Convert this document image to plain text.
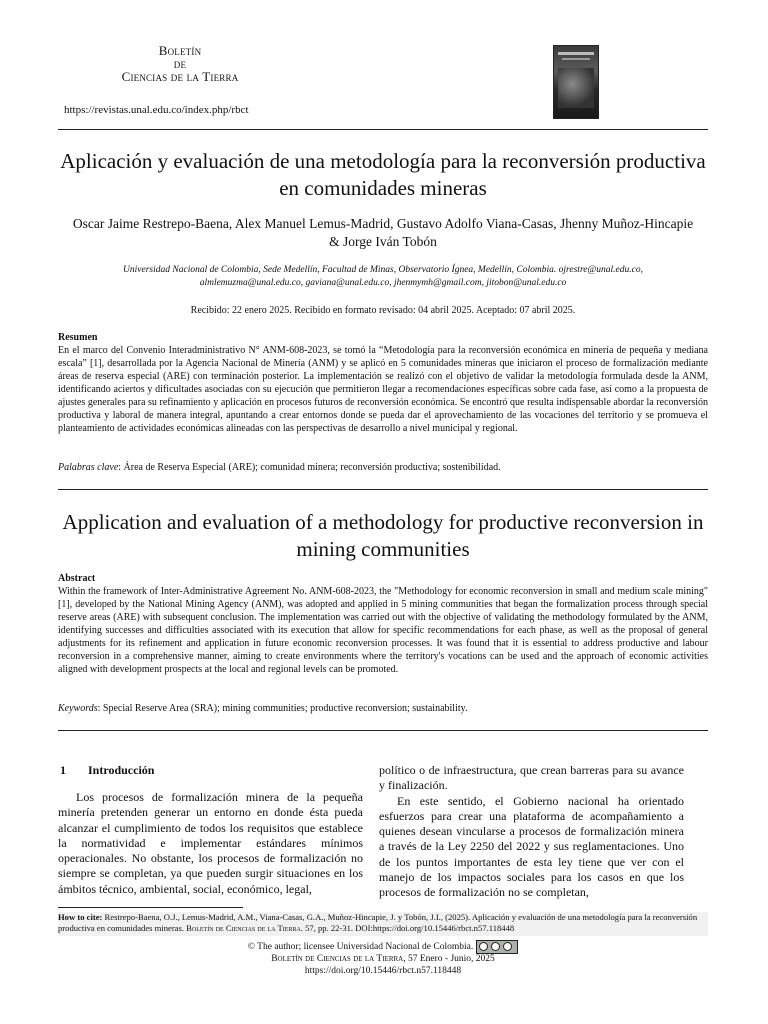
Boletín
de
Ciencias de la Tierra
https://revistas.unal.edu.co/index.php/rbct
Aplicación y evaluación de una metodología para la reconversión productiva en comunidades mineras
Oscar Jaime Restrepo-Baena, Alex Manuel Lemus-Madrid, Gustavo Adolfo Viana-Casas, Jhenny Muñoz-Hincapie & Jorge Iván Tobón
Universidad Nacional de Colombia, Sede Medellín, Facultad de Minas, Observatorio Ígnea, Medellín, Colombia. ojrestre@unal.edu.co,
almlemuzma@unal.edu.co, gaviana@unal.edu.co, jhenmymh@gmail.com, jitobon@unal.edu.co
Recibido: 22 enero 2025. Recibido en formato revisado: 04 abril 2025. Aceptado: 07 abril 2025.
Resumen
En el marco del Convenio Interadministrativo N° ANM-608-2023, se tomó la “Metodología para la reconversión económica en minería de pequeña y mediana escala” [1], desarrollada por la Agencia Nacional de Minería (ANM) y se aplicó en 5 comunidades mineras que iniciaron el proceso de formalización mediante áreas de reserva especial (ARE) con terminación posterior. La implementación se realizó con el objetivo de validar la metodología formulada desde la ANM, identificando aciertos y dificultades asociadas con su ejecución que permitieron llegar a recomendaciones específicas sobre cada fase, así como a la propuesta de ajustes generales para su refinamiento y aplicación en procesos futuros de reconversión económica. Se encontró que resulta indispensable abordar la reconversión productiva y laboral de manera integral, apuntando a crear entornos donde se pueda dar el aprovechamiento de las vocaciones del territorio y se promueva el planteamiento de actividades económicas alineadas con las perspectivas de desarrollo a nivel municipal y regional.
Palabras clave: Área de Reserva Especial (ARE); comunidad minera; reconversión productiva; sostenibilidad.
Application and evaluation of a methodology for productive reconversion in mining communities
Abstract
Within the framework of Inter-Administrative Agreement No. ANM-608-2023, the "Methodology for economic reconversion in small and medium scale mining" [1], developed by the National Mining Agency (ANM), was adopted and applied in 5 mining communities that began the formalization process through special reserve areas (ARE) with subsequent conclusion. The implementation was carried out with the objective of validating the methodology formulated by the ANM, identifying successes and difficulties associated with its execution that allow for specific recommendations for each phase, as well as the proposal of general adjustments for its refinement and application in future economic reconversion processes. It was found that it is essential to address productive and labour reconversion in a comprehensive manner, aiming to create environments where the territory's vocations can be used and the approach of economic activities aligned with development prospects at the local and regional levels can be promoted.
Keywords: Special Reserve Area (SRA); mining communities; productive reconversion; sustainability.
1 Introducción

Los procesos de formalización minera de la pequeña minería pretenden generar un entorno en donde ésta pueda alcanzar el cumplimiento de todos los requisitos que establece la normatividad e implementar estándares mínimos operacionales. No obstante, los procesos de formalización no siempre se completan, ya que pueden surgir situaciones en los ámbitos técnico, ambiental, social, económico, legal,

político o de infraestructura, que crean barreras para su avance y finalización.

En este sentido, el Gobierno nacional ha orientado esfuerzos para crear una plataforma de acompañamiento a quienes desean vincularse a procesos de formalización minera a través de la Ley 2250 del 2022 y sus reglamentaciones. Uno de los puntos importantes de esta ley tiene que ver con el manejo de los impactos sociales para los casos en que los procesos de formalización no se completan,

How to cite: Restrepo-Baena, O.J., Lemus-Madrid, A.M., Viana-Casas, G.A., Muñoz-Hincapie, J. y Tobón, J.I., (2025). Aplicación y evaluación de una metodología para la reconversión productiva en comunidades mineras. Boletín de Ciencias de la Tierra. 57, pp. 22-31. DOI:https://doi.org/10.15446/rbct.n57.118448
© The author; licensee Universidad Nacional de Colombia.
Boletín de Ciencias de la Tierra, 57 Enero - Junio, 2025
https://doi.org/10.15446/rbct.n57.118448
